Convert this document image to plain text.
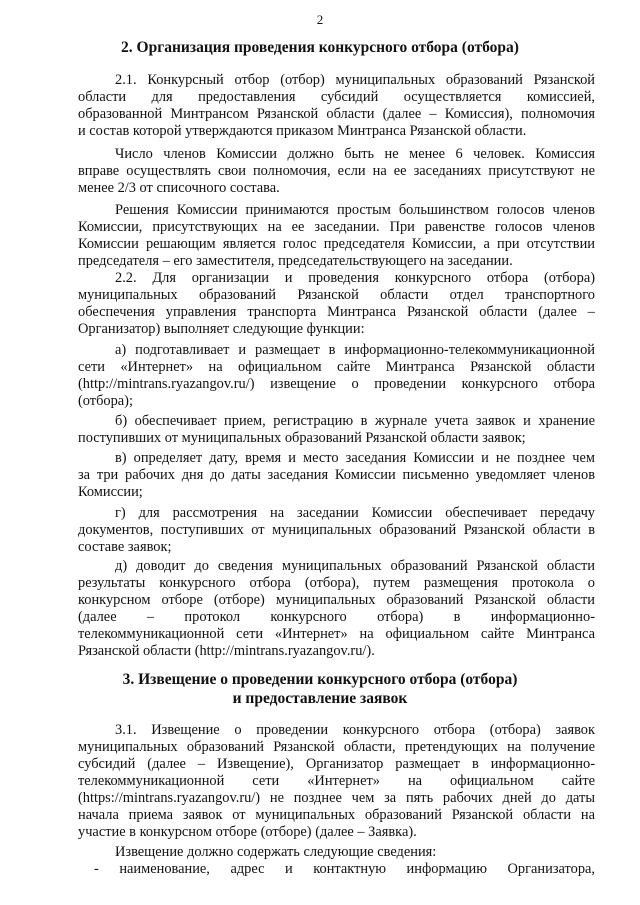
2
2. Организация проведения конкурсного отбора (отбора)
2.1. Конкурсный отбор (отбор) муниципальных образований Рязанской
области для предоставления субсидий осуществляется комиссией,
образованной Минтрансом Рязанской области (далее – Комиссия), полномочия
и состав которой утверждаются приказом Минтранса Рязанской области.
Число членов Комиссии должно быть не менее 6 человек. Комиссия
вправе осуществлять свои полномочия, если на ее заседаниях присутствуют не
менее 2/3 от списочного состава.
Решения Комиссии принимаются простым большинством голосов членов
Комиссии, присутствующих на ее заседании. При равенстве голосов членов
Комиссии решающим является голос председателя Комиссии, а при отсутствии
председателя – его заместителя, председательствующего на заседании.
2.2. Для организации и проведения конкурсного отбора (отбора)
муниципальных образований Рязанской области отдел транспортного
обеспечения управления транспорта Минтранса Рязанской области (далее –
Организатор) выполняет следующие функции:
а) подготавливает и размещает в информационно-телекоммуникационной
сети «Интернет» на официальном сайте Минтранса Рязанской области
(http://mintrans.ryazangov.ru/) извещение о проведении конкурсного отбора
(отбора);
б) обеспечивает прием, регистрацию в журнале учета заявок и хранение
поступивших от муниципальных образований Рязанской области заявок;
в) определяет дату, время и место заседания Комиссии и не позднее чем
за три рабочих дня до даты заседания Комиссии письменно уведомляет членов
Комиссии;
г) для рассмотрения на заседании Комиссии обеспечивает передачу
документов, поступивших от муниципальных образований Рязанской области в
составе заявок;
д) доводит до сведения муниципальных образований Рязанской области
результаты конкурсного отбора (отбора), путем размещения протокола о
конкурсном отборе (отборе) муниципальных образований Рязанской области
(далее – протокол конкурсного отбора) в информационно-
телекоммуникационной сети «Интернет» на официальном сайте Минтранса
Рязанской области (http://mintrans.ryazangov.ru/).
3. Извещение о проведении конкурсного отбора (отбора)
и предоставление заявок
3.1. Извещение о проведении конкурсного отбора (отбора) заявок
муниципальных образований Рязанской области, претендующих на получение
субсидий (далее – Извещение), Организатор размещает в информационно-
телекоммуникационной сети «Интернет» на официальном сайте
(https://mintrans.ryazangov.ru/) не позднее чем за пять рабочих дней до даты
начала приема заявок от муниципальных образований Рязанской области на
участие в конкурсном отборе (отборе) (далее – Заявка).
Извещение должно содержать следующие сведения:
- наименование, адрес и контактную информацию Организатора,
